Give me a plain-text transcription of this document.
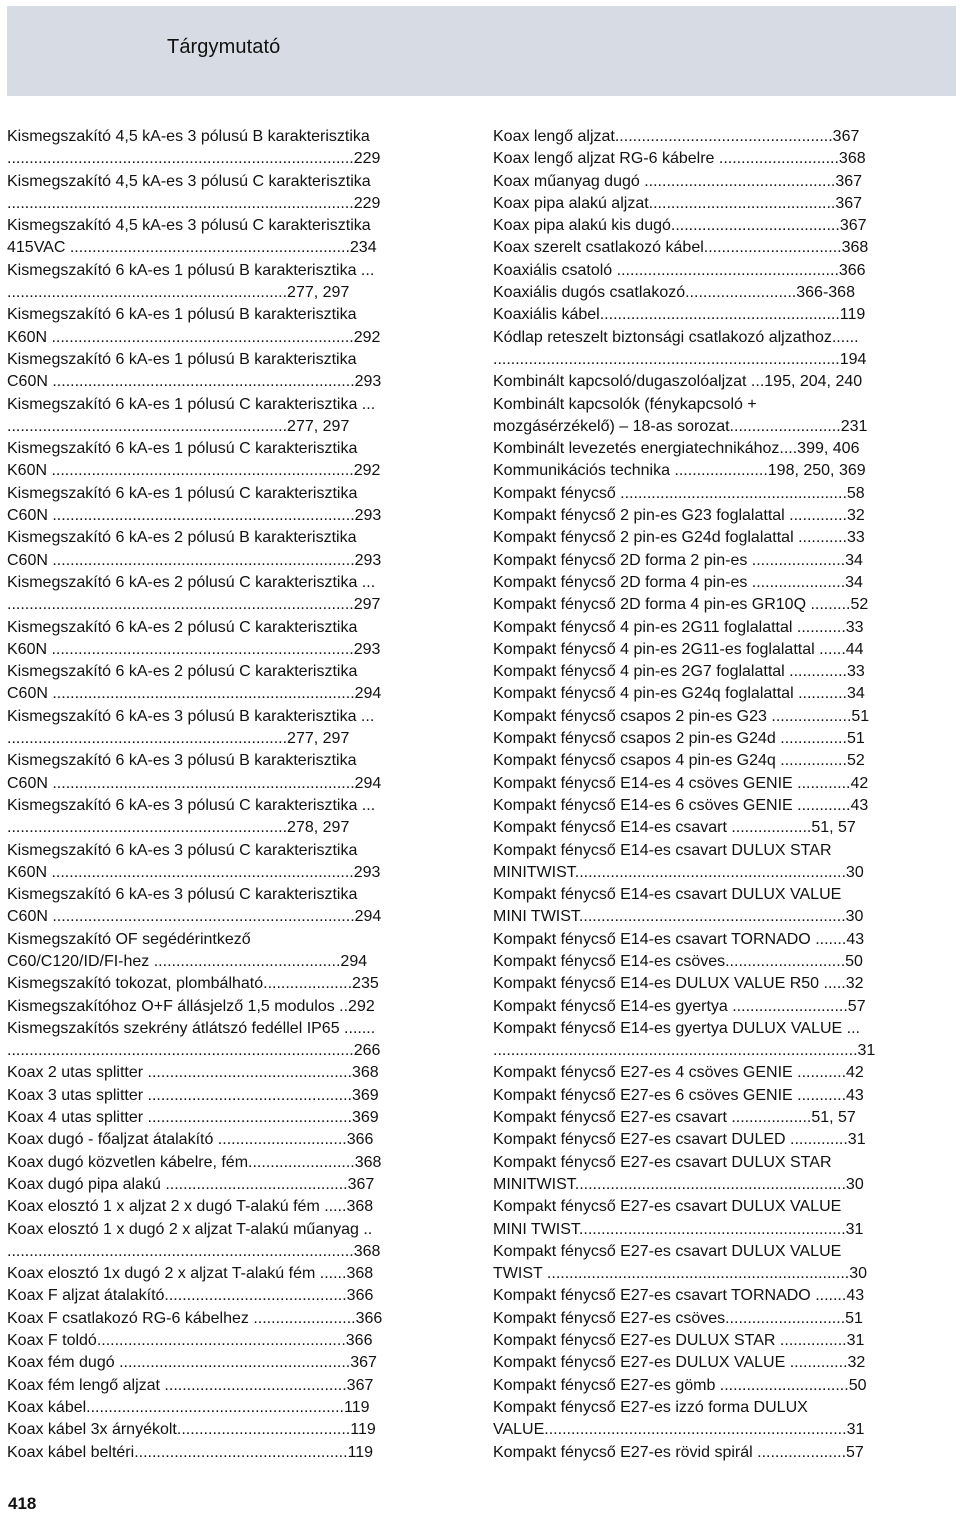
Tárgymutató
Kismegszakító 4,5 kA-es 3 pólusú B karakterisztika
..............................................................................229
Kismegszakító 4,5 kA-es 3 pólusú C karakterisztika
..............................................................................229
Kismegszakító 4,5 kA-es 3 pólusú C karakterisztika
415VAC ...............................................................234
Kismegszakító 6 kA-es 1 pólusú B karakterisztika ...
...............................................................277, 297
Kismegszakító 6 kA-es 1 pólusú B karakterisztika
K60N ....................................................................292
Kismegszakító 6 kA-es 1 pólusú B karakterisztika
C60N ....................................................................293
Kismegszakító 6 kA-es 1 pólusú C karakterisztika ...
...............................................................277, 297
Kismegszakító 6 kA-es 1 pólusú C karakterisztika
K60N ....................................................................292
Kismegszakító 6 kA-es 1 pólusú C karakterisztika
C60N ....................................................................293
Kismegszakító 6 kA-es 2 pólusú B karakterisztika
C60N ....................................................................293
Kismegszakító 6 kA-es 2 pólusú C karakterisztika ...
..............................................................................297
Kismegszakító 6 kA-es 2 pólusú C karakterisztika
K60N ....................................................................293
Kismegszakító 6 kA-es 2 pólusú C karakterisztika
C60N ....................................................................294
Kismegszakító 6 kA-es 3 pólusú B karakterisztika ...
...............................................................277, 297
Kismegszakító 6 kA-es 3 pólusú B karakterisztika
C60N ....................................................................294
Kismegszakító 6 kA-es 3 pólusú C karakterisztika ...
...............................................................278, 297
Kismegszakító 6 kA-es 3 pólusú C karakterisztika
K60N ....................................................................293
Kismegszakító 6 kA-es 3 pólusú C karakterisztika
C60N ....................................................................294
Kismegszakító OF segédérintkező
C60/C120/ID/FI-hez ..........................................294
Kismegszakító tokozat, plombálható....................235
Kismegszakítóhoz O+F állásjelző 1,5 modulos ..292
Kismegszakítós szekrény átlátszó fedéllel IP65 .......
..............................................................................266
Koax 2 utas splitter ..............................................368
Koax 3 utas splitter ..............................................369
Koax 4 utas splitter ..............................................369
Koax dugó - főaljzat átalakító .............................366
Koax dugó közvetlen kábelre, fém........................368
Koax dugó pipa alakú .........................................367
Koax elosztó 1 x aljzat 2 x dugó T-alakú fém .....368
Koax elosztó 1 x dugó 2 x aljzat T-alakú műanyag ..
..............................................................................368
Koax elosztó 1x dugó 2 x aljzat T-alakú fém ......368
Koax F aljzat átalakító.........................................366
Koax F csatlakozó RG-6 kábelhez .......................366
Koax F toldó........................................................366
Koax fém dugó ....................................................367
Koax fém lengő aljzat .........................................367
Koax kábel..........................................................119
Koax kábel 3x árnyékolt.......................................119
Koax kábel beltéri................................................119
Koax lengő aljzat.................................................367
Koax lengő aljzat RG-6 kábelre ...........................368
Koax műanyag dugó ...........................................367
Koax pipa alakú aljzat..........................................367
Koax pipa alakú kis dugó......................................367
Koax szerelt csatlakozó kábel...............................368
Koaxiális csatoló ..................................................366
Koaxiális dugós csatlakozó.........................366-368
Koaxiális kábel......................................................119
Kódlap reteszelt biztonsági csatlakozó aljzathoz......
..............................................................................194
Kombinált kapcsoló/dugaszolóaljzat ...195, 204, 240
Kombinált kapcsolók (fénykapcsoló +
mozgásérzékelő) – 18-as sorozat.........................231
Kombinált levezetés energiatechnikához....399, 406
Kommunikációs technika .....................198, 250, 369
Kompakt fénycső ...................................................58
Kompakt fénycső 2 pin-es G23 foglalattal .............32
Kompakt fénycső 2 pin-es G24d foglalattal ...........33
Kompakt fénycső 2D forma 2 pin-es .....................34
Kompakt fénycső 2D forma 4 pin-es .....................34
Kompakt fénycső 2D forma 4 pin-es GR10Q .........52
Kompakt fénycső 4 pin-es 2G11 foglalattal ...........33
Kompakt fénycső 4 pin-es 2G11-es foglalattal ......44
Kompakt fénycső 4 pin-es 2G7 foglalattal .............33
Kompakt fénycső 4 pin-es G24q foglalattal ...........34
Kompakt fénycső csapos 2 pin-es G23 ..................51
Kompakt fénycső csapos 2 pin-es G24d ...............51
Kompakt fénycső csapos 4 pin-es G24q ...............52
Kompakt fénycső E14-es 4 csöves GENIE ............42
Kompakt fénycső E14-es 6 csöves GENIE ............43
Kompakt fénycső E14-es csavart ..................51, 57
Kompakt fénycső E14-es csavart DULUX STAR
MINITWIST.............................................................30
Kompakt fénycső E14-es csavart DULUX VALUE
MINI TWIST............................................................30
Kompakt fénycső E14-es csavart TORNADO .......43
Kompakt fénycső E14-es csöves...........................50
Kompakt fénycső E14-es DULUX VALUE R50 .....32
Kompakt fénycső E14-es gyertya ..........................57
Kompakt fénycső E14-es gyertya DULUX VALUE ...
..................................................................................31
Kompakt fénycső E27-es 4 csöves GENIE ...........42
Kompakt fénycső E27-es 6 csöves GENIE ...........43
Kompakt fénycső E27-es csavart ..................51, 57
Kompakt fénycső E27-es csavart DULED .............31
Kompakt fénycső E27-es csavart DULUX STAR
MINITWIST.............................................................30
Kompakt fénycső E27-es csavart DULUX VALUE
MINI TWIST............................................................31
Kompakt fénycső E27-es csavart DULUX VALUE
TWIST ....................................................................30
Kompakt fénycső E27-es csavart TORNADO .......43
Kompakt fénycső E27-es csöves...........................51
Kompakt fénycső E27-es DULUX STAR ...............31
Kompakt fénycső E27-es DULUX VALUE .............32
Kompakt fénycső E27-es gömb .............................50
Kompakt fénycső E27-es izzó forma DULUX
VALUE....................................................................31
Kompakt fénycső E27-es rövid spirál ....................57
418
